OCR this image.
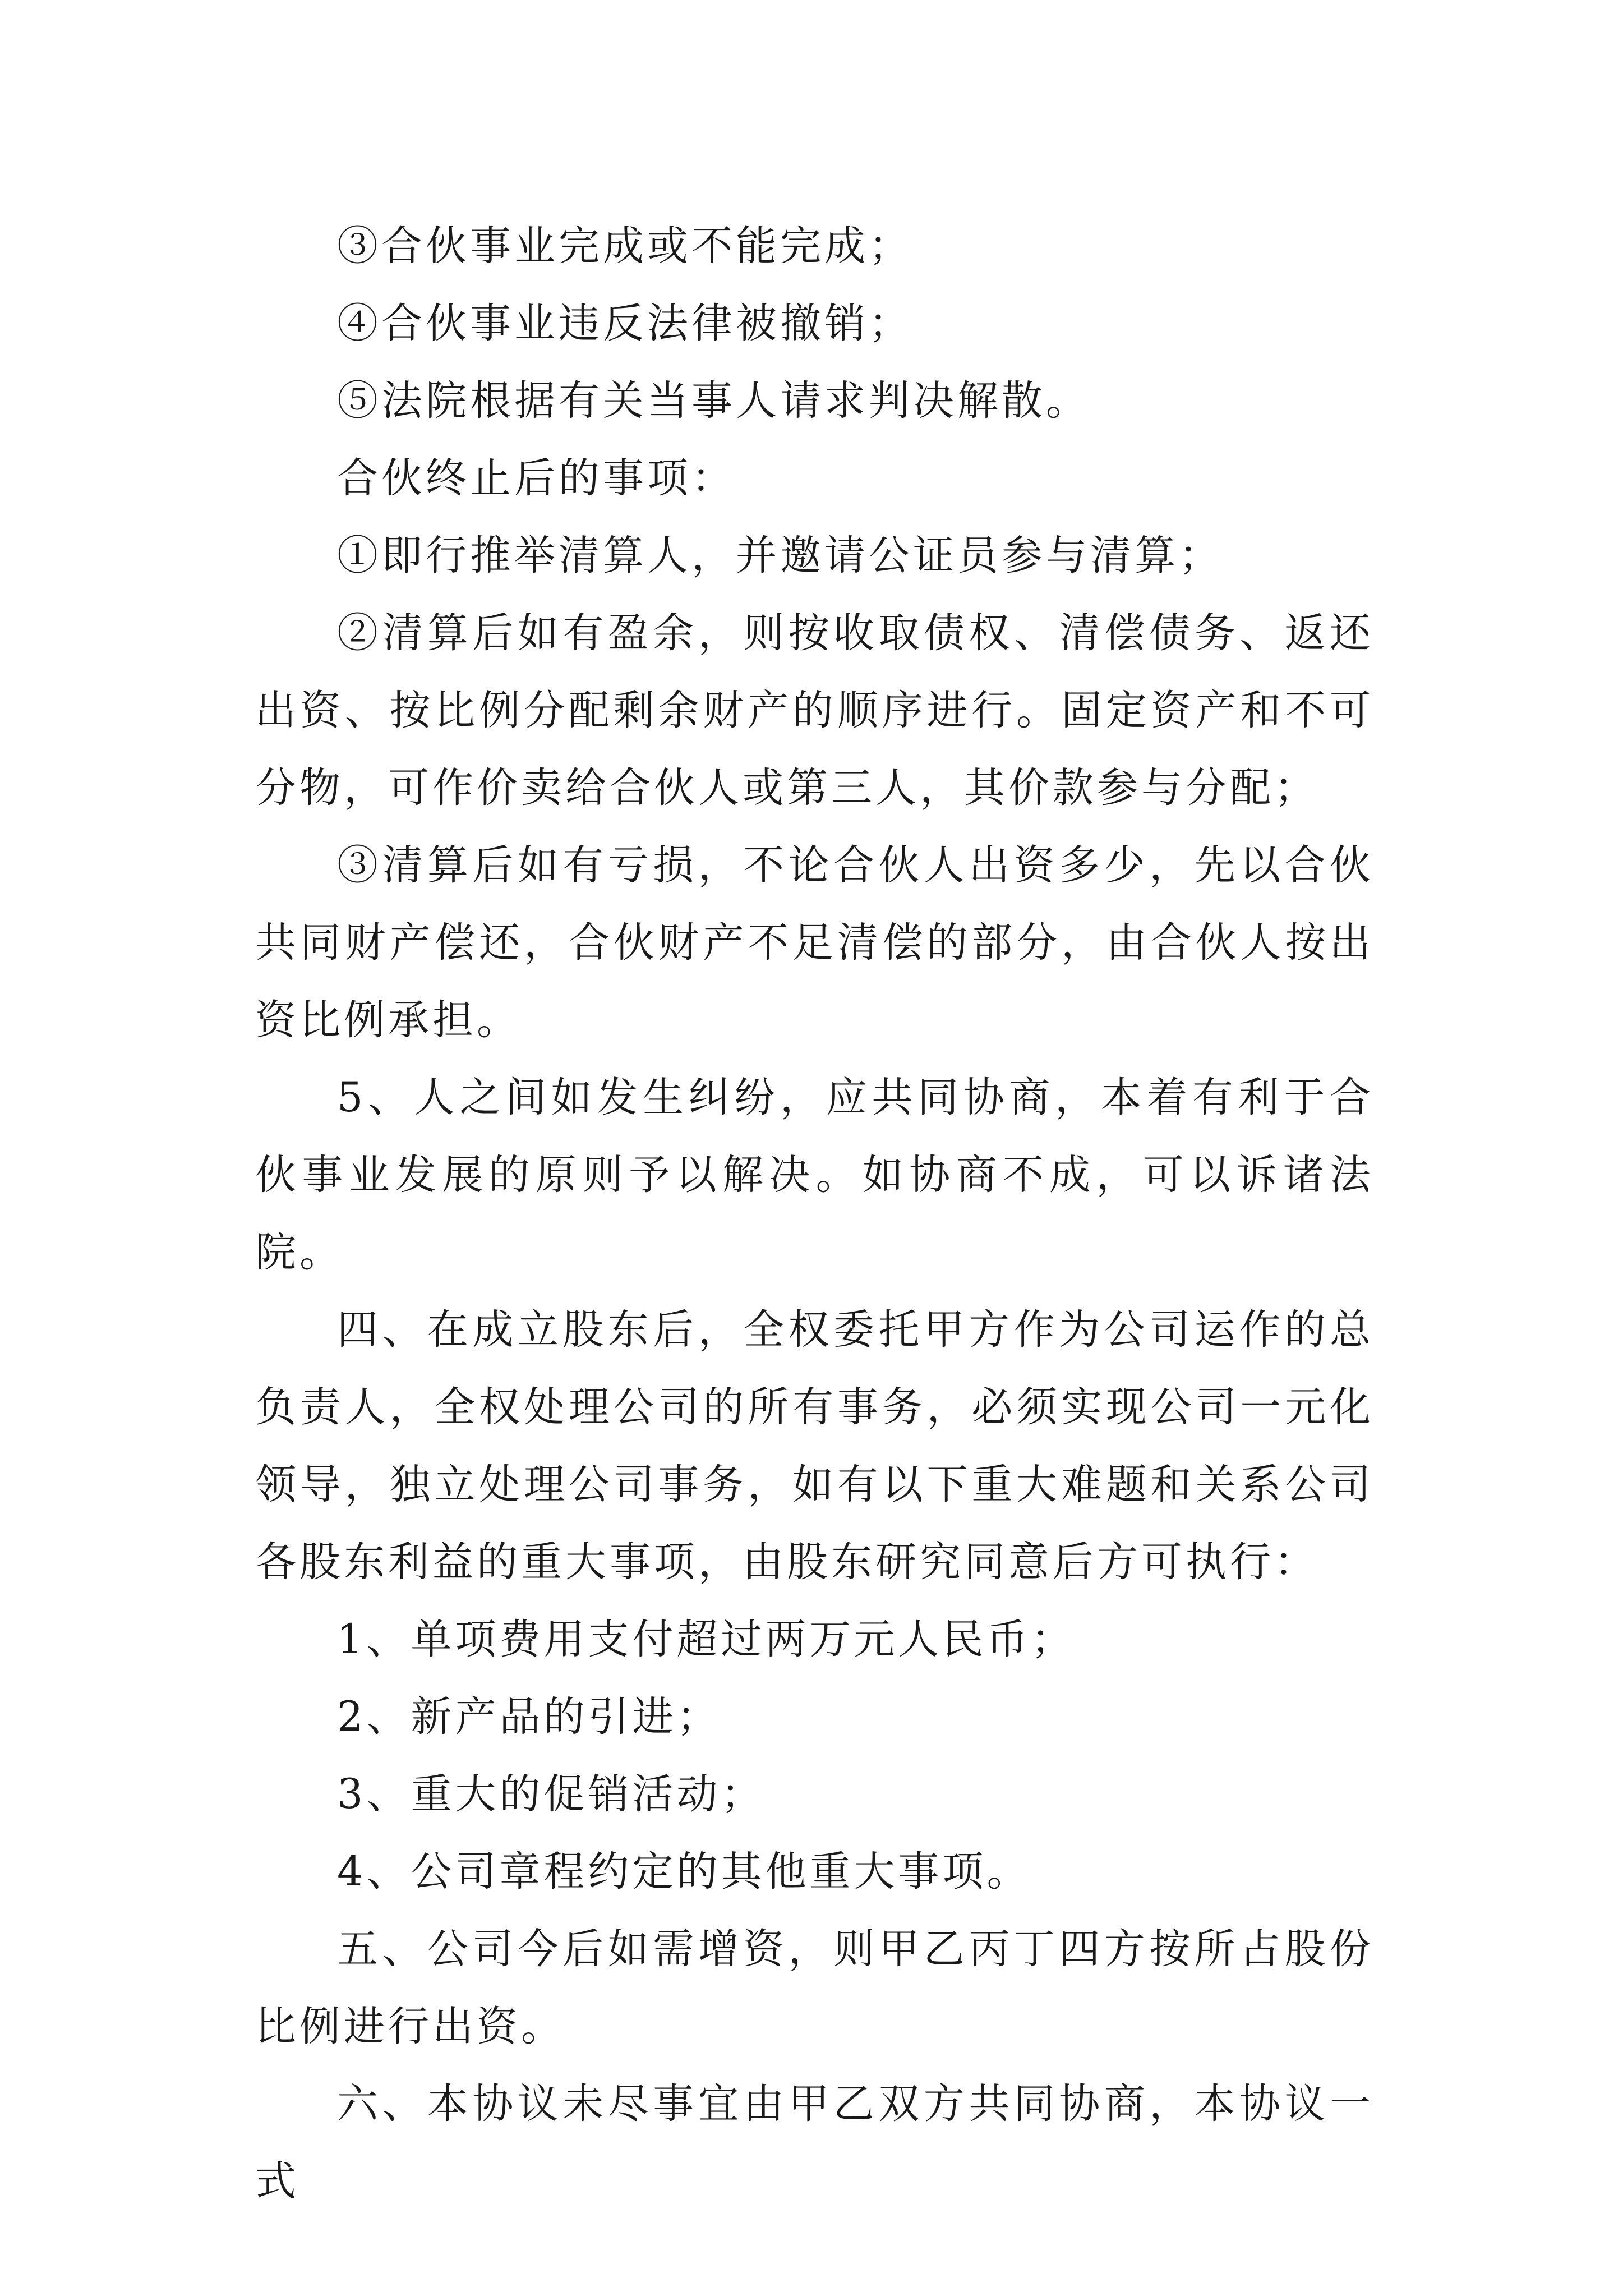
③合伙事业完成或不能完成；

④合伙事业违反法律被撤销；

⑤法院根据有关当事人请求判决解散。

合伙终止后的事项：

①即行推举清算人，并邀请公证员参与清算；

②清算后如有盈余，则按收取债权、清偿债务、返还出资、按比例分配剩余财产的顺序进行。固定资产和不可分物，可作价卖给合伙人或第三人，其价款参与分配；

③清算后如有亏损，不论合伙人出资多少，先以合伙共同财产偿还，合伙财产不足清偿的部分，由合伙人按出资比例承担。

5、人之间如发生纠纷，应共同协商，本着有利于合伙事业发展的原则予以解决。如协商不成，可以诉诸法院。

四、在成立股东后，全权委托甲方作为公司运作的总负责人，全权处理公司的所有事务，必须实现公司一元化领导，独立处理公司事务，如有以下重大难题和关系公司各股东利益的重大事项，由股东研究同意后方可执行：

1、单项费用支付超过两万元人民币；

2、新产品的引进；

3、重大的促销活动；

4、公司章程约定的其他重大事项。

五、公司今后如需增资，则甲乙丙丁四方按所占股份比例进行出资。

六、本协议未尽事宜由甲乙双方共同协商，本协议一式
